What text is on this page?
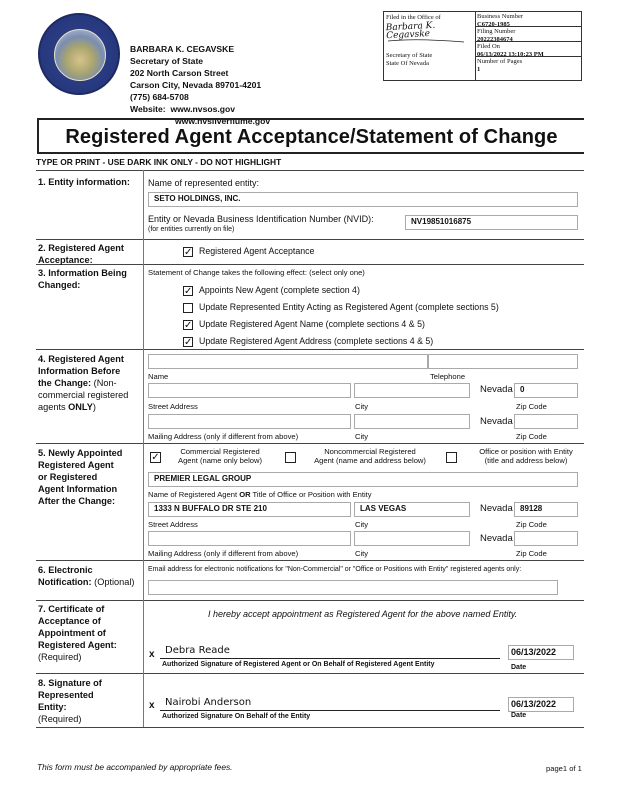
BARBARA K. CEGAVSKE
Secretary of State
202 North Carson Street
Carson City, Nevada 89701-4201
(775) 684-5708
Website: www.nvsos.gov
www.nvsilverflume.gov
Filed in the Office of
Barbara K. Cegavske
Secretary of State
State Of Nevada
Business Number
C6720-1985
Filing Number
20222384674
Filed On
06/13/2022 13:10:23 PM
Number of Pages
1
Registered Agent Acceptance/Statement of Change
TYPE OR PRINT - USE DARK INK ONLY - DO NOT HIGHLIGHT
1. Entity information:	Name of represented entity:
SETO HOLDINGS, INC.
Entity or Nevada Business Identification Number (NVID):
(for entities currently on file)
NV19851016875
2. Registered Agent
Acceptance:
✓ Registered Agent Acceptance
3. Information Being
Changed:
Statement of Change takes the following effect: (select only one)
✓ Appoints New Agent (complete section 4)
Update Represented Entity Acting as Registered Agent (complete sections 5)
✓ Update Registered Agent Name (complete sections 4 & 5)
✓ Update Registered Agent Address (complete sections 4 & 5)
4. Registered Agent
Information Before
the Change: (Non-
commercial registered
agents ONLY)
Name	Telephone
Nevada 0
Street Address	City	Zip Code
Nevada
Mailing Address (only if different from above)	City	Zip Code
5. Newly Appointed
Registered Agent
or Registered
Agent Information
After the Change:
✓
Commercial Registered
Agent (name only below)
Noncommercial Registered
Agent (name and address below)
Office or position with Entity
(title and address below)
PREMIER LEGAL GROUP
Name of Registered Agent OR Title of Office or Position with Entity
1333 N BUFFALO DR STE 210	LAS VEGAS	Nevada 89128
Street Address	City	Zip Code
Nevada
Mailing Address (only if different from above)	City	Zip Code
6. Electronic
Notification: (Optional)
Email address for electronic notifications for "Non-Commercial" or "Office or Positions with Entity" registered agents only:
7. Certificate of
Acceptance of
Appointment of
Registered Agent:
(Required)
I hereby accept appointment as Registered Agent for the above named Entity.
x Debra Reade
Authorized Signature of Registered Agent or On Behalf of Registered Agent Entity
06/13/2022
Date
8. Signature of
Represented
Entity:
(Required)
x Nairobi Anderson
Authorized Signature On Behalf of the Entity
06/13/2022
Date
This form must be accompanied by appropriate fees.	page1 of 1
